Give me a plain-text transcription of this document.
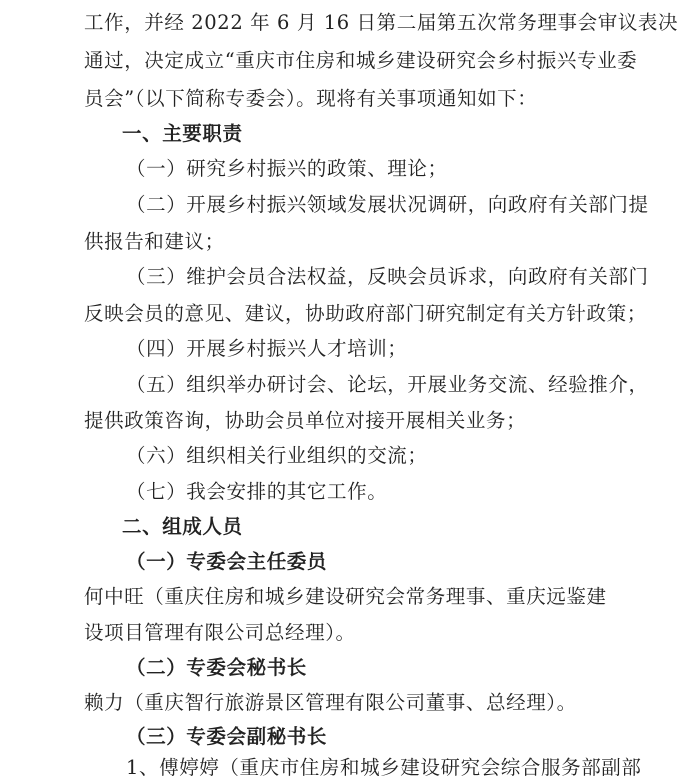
工作，并经 2022 年 6 月 16 日第二届第五次常务理事会审议表决
通过，决定成立“重庆市住房和城乡建设研究会乡村振兴专业委
员会”（以下简称专委会）。现将有关事项通知如下：
一、主要职责
（一）研究乡村振兴的政策、理论；
（二）开展乡村振兴领域发展状况调研，向政府有关部门提
供报告和建议；
（三）维护会员合法权益，反映会员诉求，向政府有关部门
反映会员的意见、建议，协助政府部门研究制定有关方针政策；
（四）开展乡村振兴人才培训；
（五）组织举办研讨会、论坛，开展业务交流、经验推介，
提供政策咨询，协助会员单位对接开展相关业务；
（六）组织相关行业组织的交流；
（七）我会安排的其它工作。
二、组成人员
（一）专委会主任委员
何中旺（重庆住房和城乡建设研究会常务理事、重庆远鉴建
设项目管理有限公司总经理）。
（二）专委会秘书长
赖力（重庆智行旅游景区管理有限公司董事、总经理）。
（三）专委会副秘书长
1、傅婷婷（重庆市住房和城乡建设研究会综合服务部副部
